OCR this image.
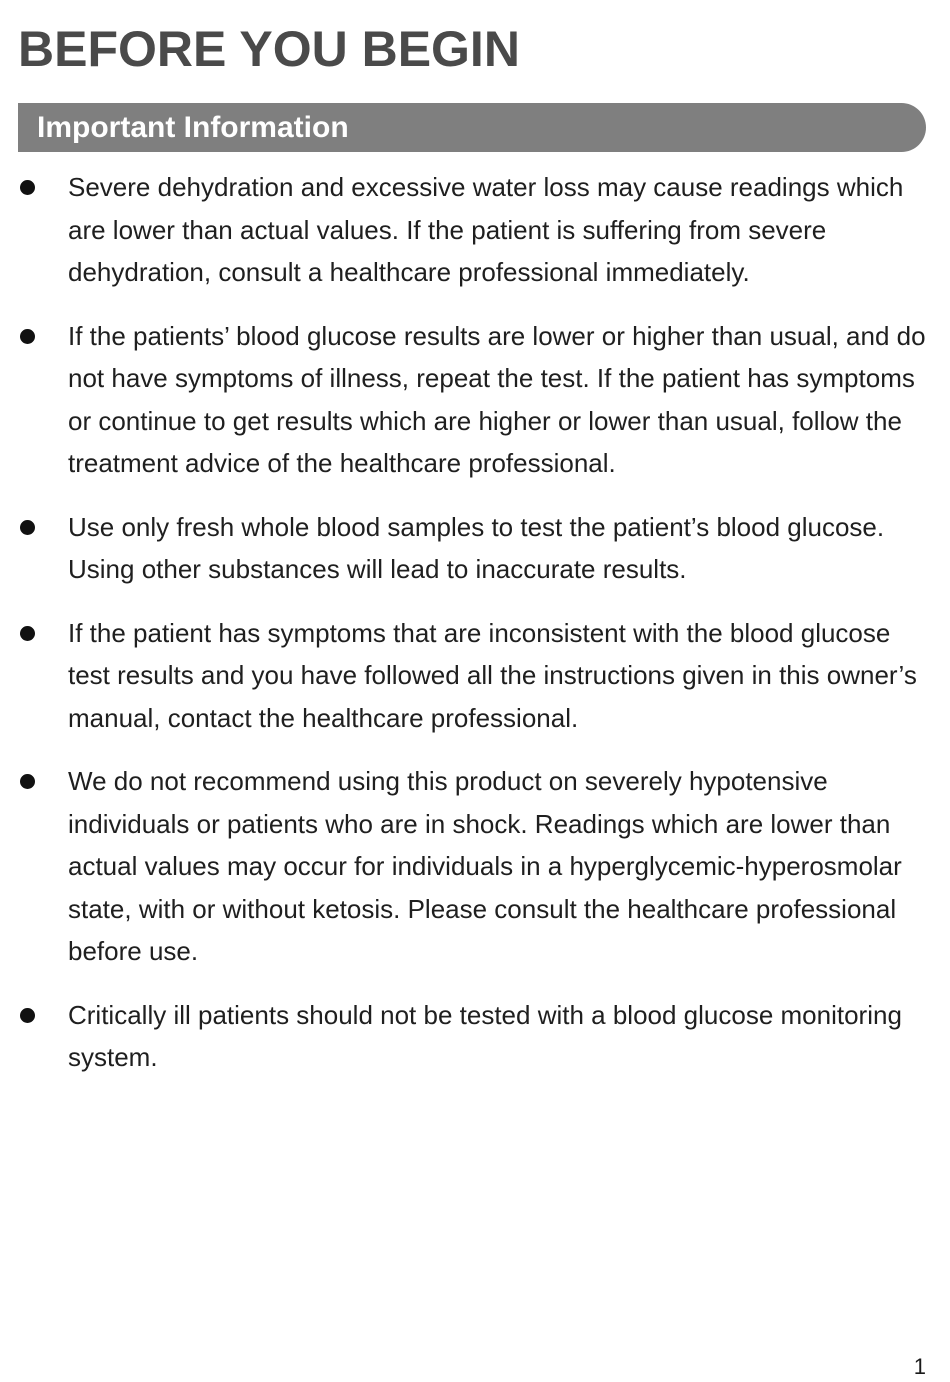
BEFORE YOU BEGIN
Important Information
Severe dehydration and excessive water loss may cause readings which are lower than actual values. If the patient is suffering from severe dehydration, consult a healthcare professional immediately.
If the patients’ blood glucose results are lower or higher than usual, and do not have symptoms of illness, repeat the test. If the patient has symptoms or continue to get results which are higher or lower than usual, follow the treatment advice of the healthcare professional.
Use only fresh whole blood samples to test the patient’s blood glucose. Using other substances will lead to inaccurate results.
If the patient has symptoms that are inconsistent with the blood glucose test results and you have followed all the instructions given in this owner’s manual, contact the healthcare professional.
We do not recommend using this product on severely hypotensive individuals or patients who are in shock. Readings which are lower than actual values may occur for individuals in a hyperglycemic-hyperosmolar state, with or without ketosis. Please consult the healthcare professional before use.
Critically ill patients should not be tested with a blood glucose monitoring system.
1
